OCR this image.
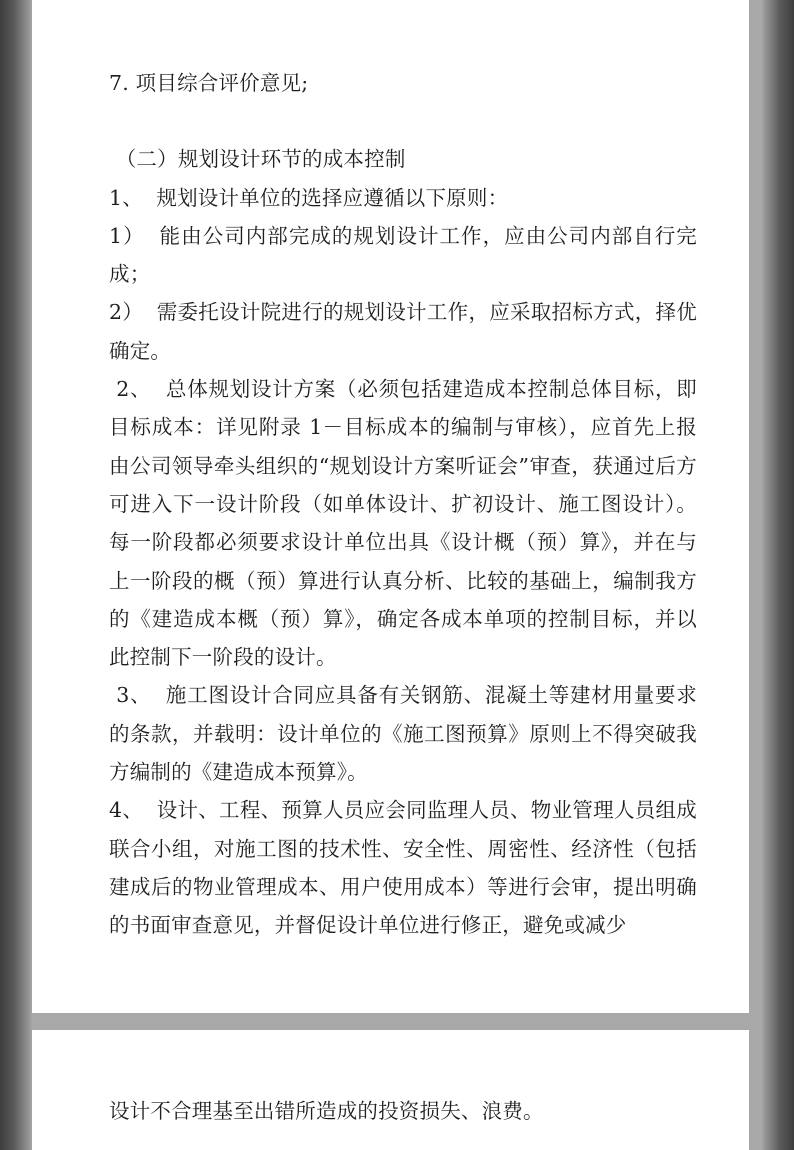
7. 项目综合评价意见;

（二）规划设计环节的成本控制

1、  规划设计单位的选择应遵循以下原则：

1）  能由公司内部完成的规划设计工作，应由公司内部自行完成；

2）  需委托设计院进行的规划设计工作，应采取招标方式，择优确定。

2、  总体规划设计方案（必须包括建造成本控制总体目标，即目标成本：详见附录 1－目标成本的编制与审核），应首先上报由公司领导牵头组织的“规划设计方案听证会”审查，获通过后方可进入下一设计阶段（如单体设计、扩初设计、施工图设计）。每一阶段都必须要求设计单位出具《设计概（预）算》，并在与上一阶段的概（预）算进行认真分析、比较的基础上，编制我方的《建造成本概（预）算》，确定各成本单项的控制目标，并以此控制下一阶段的设计。

3、  施工图设计合同应具备有关钢筋、混凝土等建材用量要求的条款，并载明：设计单位的《施工图预算》原则上不得突破我方编制的《建造成本预算》。

4、  设计、工程、预算人员应会同监理人员、物业管理人员组成联合小组，对施工图的技术性、安全性、周密性、经济性（包括建成后的物业管理成本、用户使用成本）等进行会审，提出明确的书面审查意见，并督促设计单位进行修正，避免或减少

设计不合理基至出错所造成的投资损失、浪费。
